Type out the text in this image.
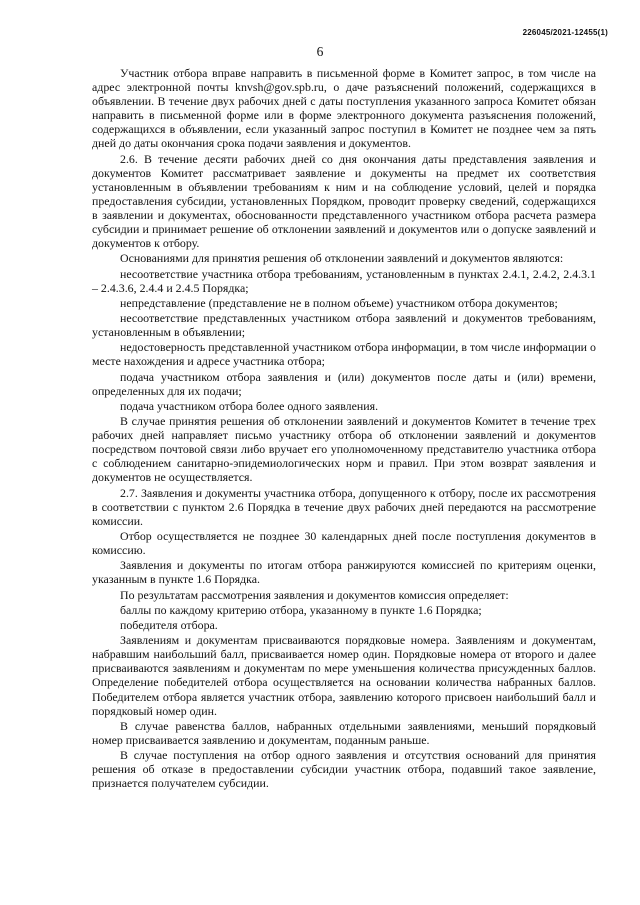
226045/2021-12455(1)
6

Участник отбора вправе направить в письменной форме в Комитет запрос, в том числе на адрес электронной почты knvsh@gov.spb.ru, о даче разъяснений положений, содержащихся в объявлении. В течение двух рабочих дней с даты поступления указанного запроса Комитет обязан направить в письменной форме или в форме электронного документа разъяснения положений, содержащихся в объявлении, если указанный запрос поступил в Комитет не позднее чем за пять дней до даты окончания срока подачи заявления и документов.

2.6. В течение десяти рабочих дней со дня окончания даты представления заявления и документов Комитет рассматривает заявление и документы на предмет их соответствия установленным в объявлении требованиям к ним и на соблюдение условий, целей и порядка предоставления субсидии, установленных Порядком, проводит проверку сведений, содержащихся в заявлении и документах, обоснованности представленного участником отбора расчета размера субсидии и принимает решение об отклонении заявлений и документов или о допуске заявлений и документов к отбору.

Основаниями для принятия решения об отклонении заявлений и документов являются:

несоответствие участника отбора требованиям, установленным в пунктах 2.4.1, 2.4.2, 2.4.3.1 – 2.4.3.6, 2.4.4 и 2.4.5 Порядка;

непредставление (представление не в полном объеме) участником отбора документов;

несоответствие представленных участником отбора заявлений и документов требованиям, установленным в объявлении;

недостоверность представленной участником отбора информации, в том числе информации о месте нахождения и адресе участника отбора;

подача участником отбора заявления и (или) документов после даты и (или) времени, определенных для их подачи;

подача участником отбора более одного заявления.

В случае принятия решения об отклонении заявлений и документов Комитет в течение трех рабочих дней направляет письмо участнику отбора об отклонении заявлений и документов посредством почтовой связи либо вручает его уполномоченному представителю участника отбора с соблюдением санитарно-эпидемиологических норм и правил. При этом возврат заявления и документов не осуществляется.

2.7. Заявления и документы участника отбора, допущенного к отбору, после их рассмотрения в соответствии с пунктом 2.6 Порядка в течение двух рабочих дней передаются на рассмотрение комиссии.

Отбор осуществляется не позднее 30 календарных дней после поступления документов в комиссию.

Заявления и документы по итогам отбора ранжируются комиссией по критериям оценки, указанным в пункте 1.6 Порядка.

По результатам рассмотрения заявления и документов комиссия определяет:

баллы по каждому критерию отбора, указанному в пункте 1.6 Порядка;

победителя отбора.

Заявлениям и документам присваиваются порядковые номера. Заявлениям и документам, набравшим наибольший балл, присваивается номер один. Порядковые номера от второго и далее присваиваются заявлениям и документам по мере уменьшения количества присужденных баллов. Определение победителей отбора осуществляется на основании количества набранных баллов. Победителем отбора является участник отбора, заявлению которого присвоен наибольший балл и порядковый номер один.

В случае равенства баллов, набранных отдельными заявлениями, меньший порядковый номер присваивается заявлению и документам, поданным раньше.

В случае поступления на отбор одного заявления и отсутствия оснований для принятия решения об отказе в предоставлении субсидии участник отбора, подавший такое заявление, признается получателем субсидии.
